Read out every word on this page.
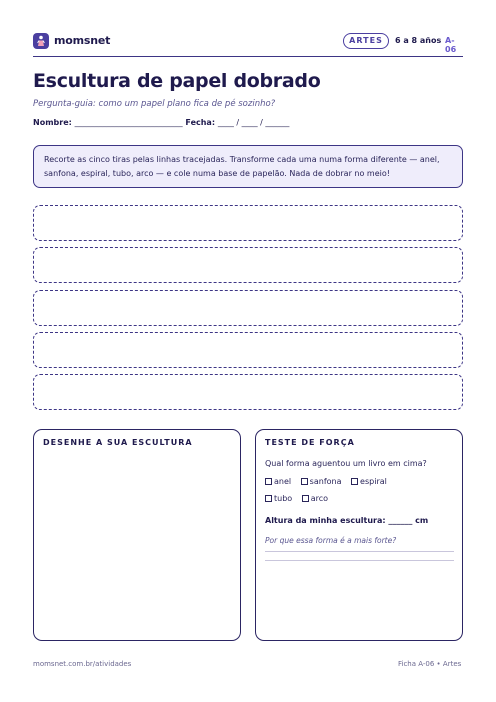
momsnet	ARTES	6 a 8 años A-06
Escultura de papel dobrado

Pergunta-guia: como um papel plano fica de pé sozinho?

Nombre: ___________________________ Fecha: ____ / ____ / ______
Recorte as cinco tiras pelas linhas tracejadas. Transforme cada uma numa forma diferente — anel, sanfona, espiral, tubo, arco — e cole numa base de papelão. Nada de dobrar no meio!
DESENHE A SUA ESCULTURA	TESTE DE FORÇA
Qual forma aguentou um livro em cima?
anel sanfona espiral
tubo arco
Altura da minha escultura: ______ cm
Por que essa forma é a mais forte?
momsnet.com.br/atividades	Ficha A-06 • Artes
